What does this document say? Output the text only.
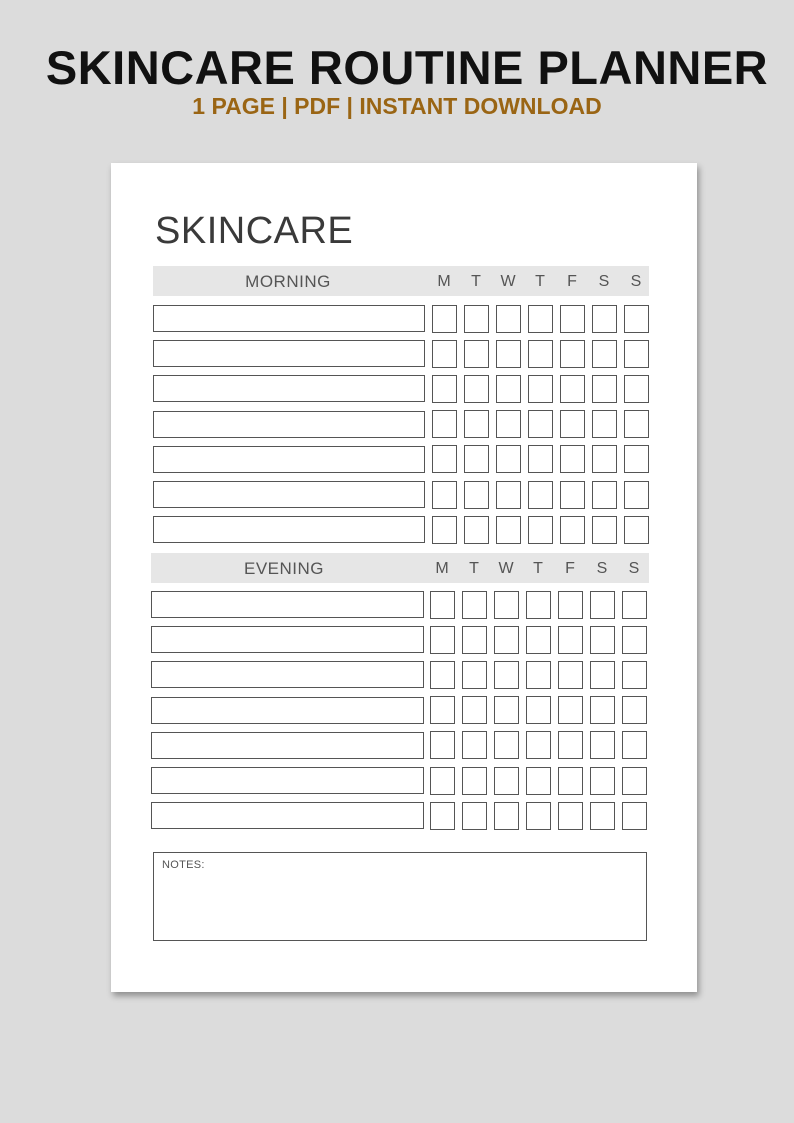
SKINCARE ROUTINE PLANNER
1 PAGE | PDF | INSTANT DOWNLOAD
SKINCARE
MORNING	M	T	W	T	F	S	S
EVENING	M	T	W	T	F	S	S
NOTES:
